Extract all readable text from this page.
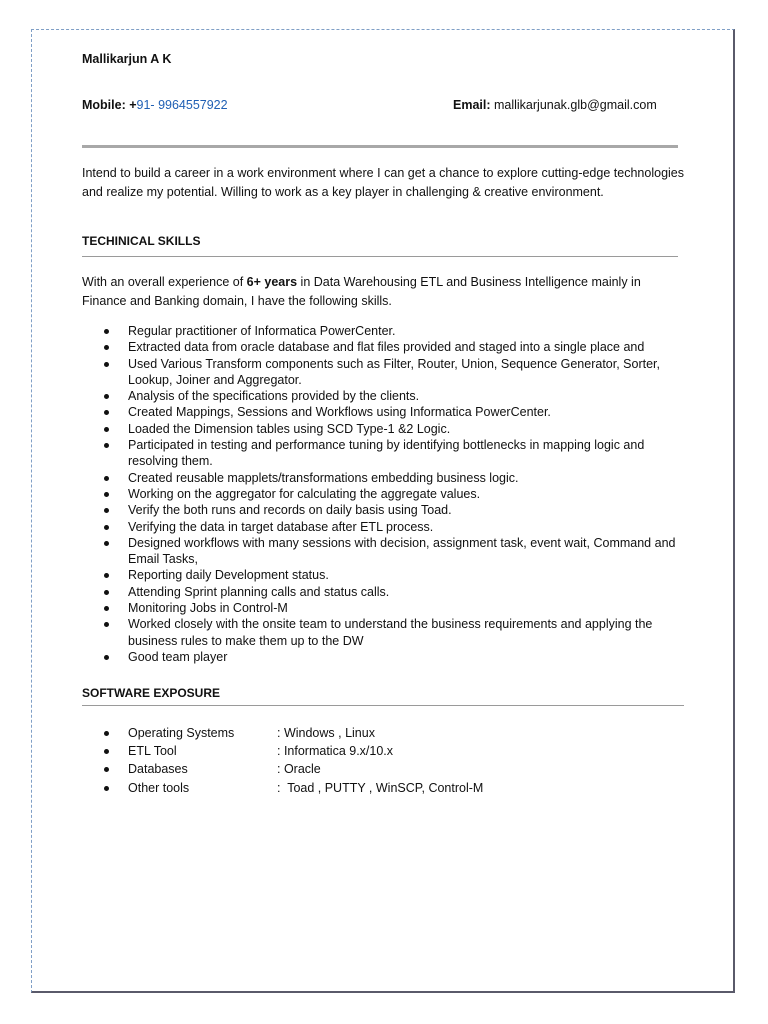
Mallikarjun A K
Mobile: +91- 9964557922	Email: mallikarjunak.glb@gmail.com
Intend to build a career in a work environment where I can get a chance to explore cutting-edge technologies and realize my potential. Willing to work as a key player in challenging & creative environment.
TECHINICAL SKILLS
With an overall experience of 6+ years in Data Warehousing ETL and Business Intelligence mainly in Finance and Banking domain, I have the following skills.
Regular practitioner of Informatica PowerCenter.
Extracted data from oracle database and flat files provided and staged into a single place and
Used Various Transform components such as Filter, Router, Union, Sequence Generator, Sorter, Lookup, Joiner and Aggregator.
Analysis of the specifications provided by the clients.
Created Mappings, Sessions and Workflows using Informatica PowerCenter.
Loaded the Dimension tables using SCD Type-1 &2 Logic.
Participated in testing and performance tuning by identifying bottlenecks in mapping logic and resolving them.
Created reusable mapplets/transformations embedding business logic.
Working on the aggregator for calculating the aggregate values.
Verify the both runs and records on daily basis using Toad.
Verifying the data in target database after ETL process.
Designed workflows with many sessions with decision, assignment task, event wait, Command and Email Tasks,
Reporting daily Development status.
Attending Sprint planning calls and status calls.
Monitoring Jobs in Control-M
Worked closely with the onsite team to understand the business requirements and applying the business rules to make them up to the DW
Good team player
SOFTWARE EXPOSURE
Operating Systems	: Windows , Linux
ETL Tool	: Informatica 9.x/10.x
Databases	: Oracle
Other tools	:  Toad , PUTTY , WinSCP, Control-M
